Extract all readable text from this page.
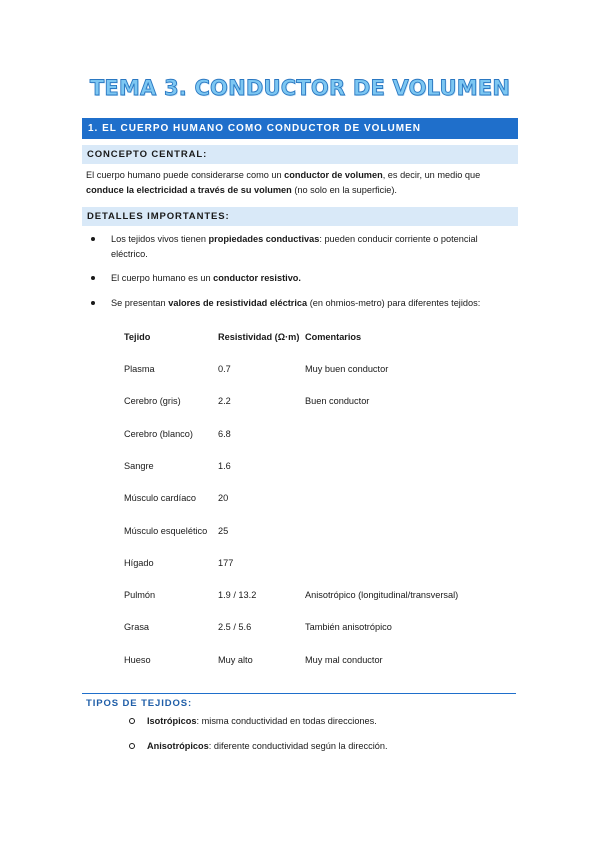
TEMA 3. CONDUCTOR DE VOLUMEN
1. EL CUERPO HUMANO COMO CONDUCTOR DE VOLUMEN
CONCEPTO CENTRAL:
El cuerpo humano puede considerarse como un conductor de volumen, es decir, un medio que
conduce la electricidad a través de su volumen (no solo en la superficie).
DETALLES IMPORTANTES:
Los tejidos vivos tienen propiedades conductivas: pueden conducir corriente o potencial
eléctrico.
El cuerpo humano es un conductor resistivo.
Se presentan valores de resistividad eléctrica (en ohmios-metro) para diferentes tejidos:
Tejido	Resistividad (Ω·m) Comentarios
Plasma	0.7	Muy buen conductor
Cerebro (gris)	2.2	Buen conductor
Cerebro (blanco)	6.8
Sangre	1.6
Músculo cardíaco 20
Músculo esquelético 25
Hígado	177
Pulmón	1.9 / 13.2	Anisotrópico (longitudinal/transversal)
Grasa	2.5 / 5.6	También anisotrópico
Hueso	Muy alto	Muy mal conductor
TIPOS DE TEJIDOS:
Isotrópicos: misma conductividad en todas direcciones.
Anisotrópicos: diferente conductividad según la dirección.
